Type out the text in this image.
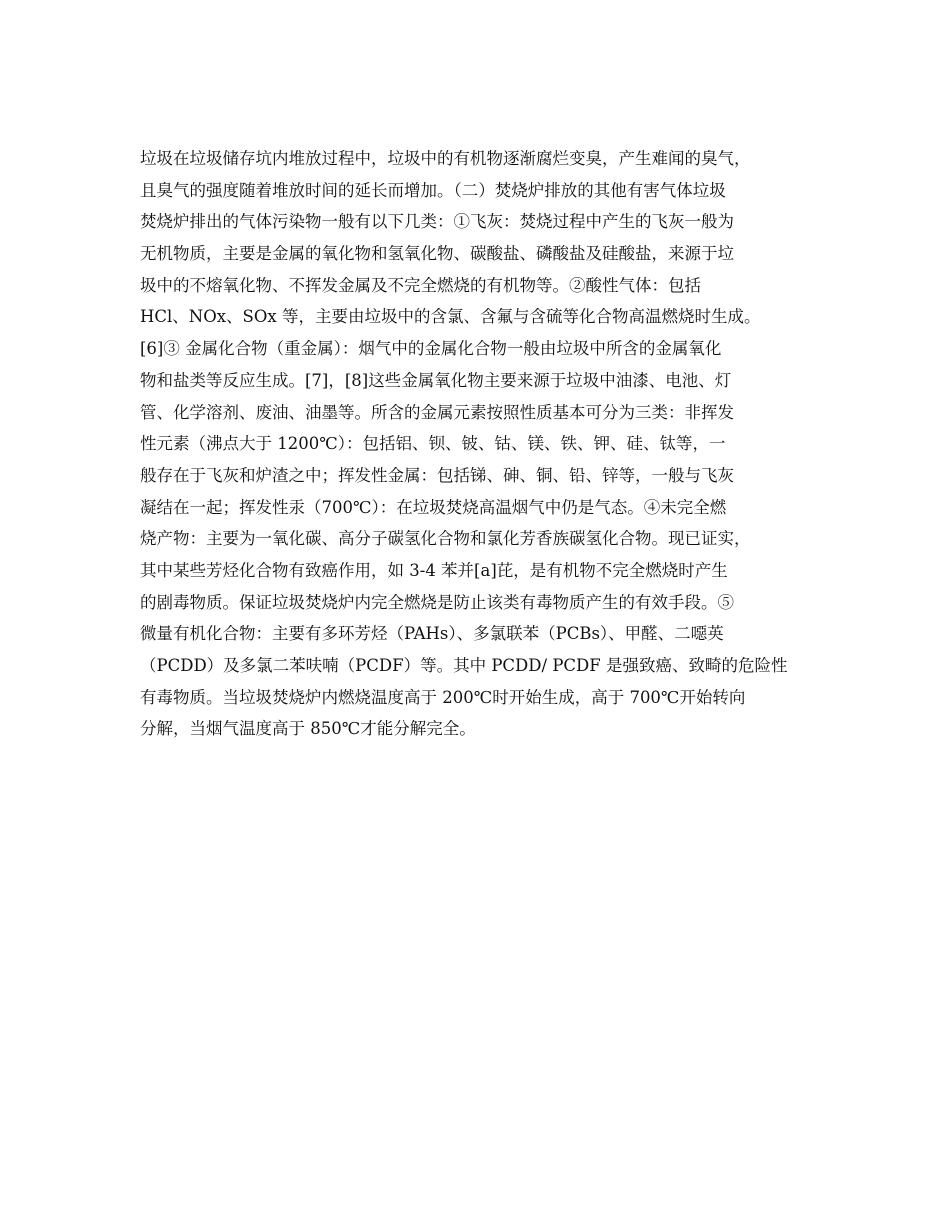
垃圾在垃圾储存坑内堆放过程中，垃圾中的有机物逐渐腐烂变臭，产生难闻的臭气，
且臭气的强度随着堆放时间的延长而增加。（二）焚烧炉排放的其他有害气体垃圾
焚烧炉排出的气体污染物一般有以下几类：①飞灰：焚烧过程中产生的飞灰一般为
无机物质，主要是金属的氧化物和氢氧化物、碳酸盐、磷酸盐及硅酸盐，来源于垃
圾中的不熔氧化物、不挥发金属及不完全燃烧的有机物等。②酸性气体：包括
HCl、NOx、SOx 等，主要由垃圾中的含氯、含氟与含硫等化合物高温燃烧时生成。
[6]③ 金属化合物（重金属）：烟气中的金属化合物一般由垃圾中所含的金属氧化
物和盐类等反应生成。[7]，[8]这些金属氧化物主要来源于垃圾中油漆、电池、灯
管、化学溶剂、废油、油墨等。所含的金属元素按照性质基本可分为三类：非挥发
性元素（沸点大于 1200℃）：包括铝、钡、铍、钴、镁、铁、钾、硅、钛等，一
般存在于飞灰和炉渣之中；挥发性金属：包括锑、砷、铜、铅、锌等，一般与飞灰
凝结在一起；挥发性汞（700℃）：在垃圾焚烧高温烟气中仍是气态。④未完全燃
烧产物：主要为一氧化碳、高分子碳氢化合物和氯化芳香族碳氢化合物。现已证实，
其中某些芳烃化合物有致癌作用，如 3-4 苯并[a]芘，是有机物不完全燃烧时产生
的剧毒物质。保证垃圾焚烧炉内完全燃烧是防止该类有毒物质产生的有效手段。⑤
微量有机化合物：主要有多环芳烃（PAHs）、多氯联苯（PCBs）、甲醛、二噁英
（PCDD）及多氯二苯呋喃（PCDF）等。其中 PCDD/ PCDF 是强致癌、致畸的危险性
有毒物质。当垃圾焚烧炉内燃烧温度高于 200℃时开始生成，高于 700℃开始转向
分解，当烟气温度高于 850℃才能分解完全。
